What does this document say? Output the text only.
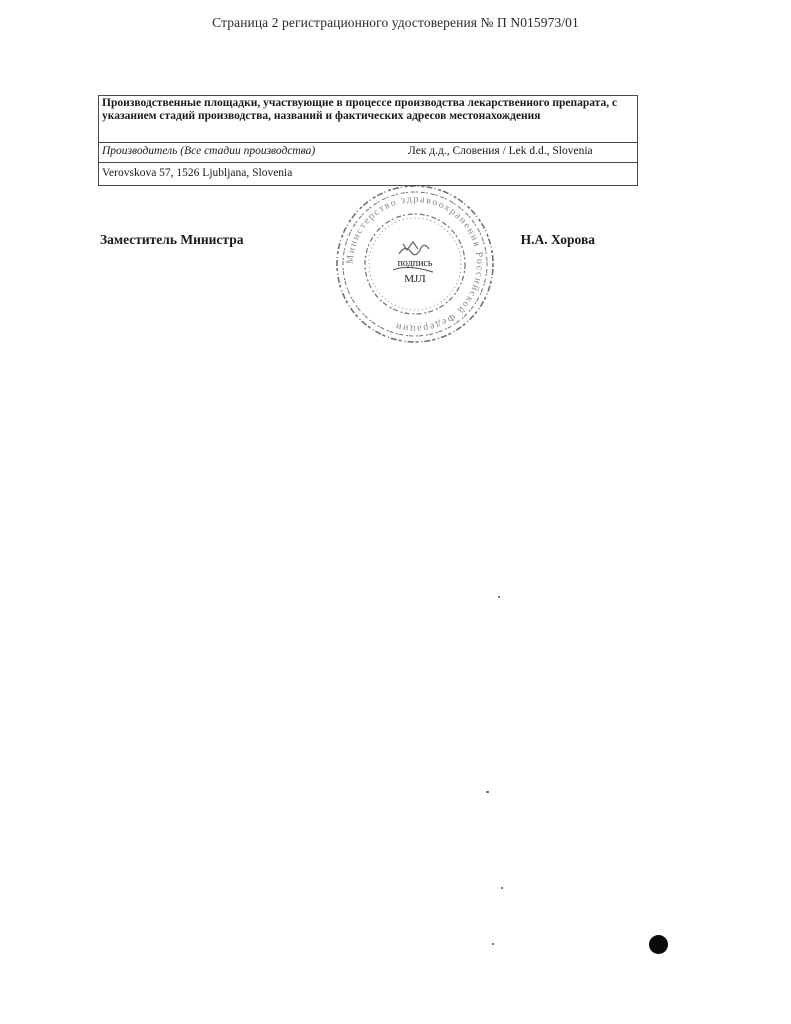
Страница 2 регистрационного удостоверения № П N015973/01
Производственные площадки, участвующие в процессе производства лекарственного препарата, с указанием стадий производства, названий и фактических адресов местонахождения
Производитель (Все стадии производства)	Лек д.д., Словения / Lek d.d., Slovenia
Verovskova 57, 1526 Ljubljana, Slovenia
Заместитель Министра	Н.А. Хорова
Министерство здравоохранения Российской Федерации
подпись
МЈЛ
